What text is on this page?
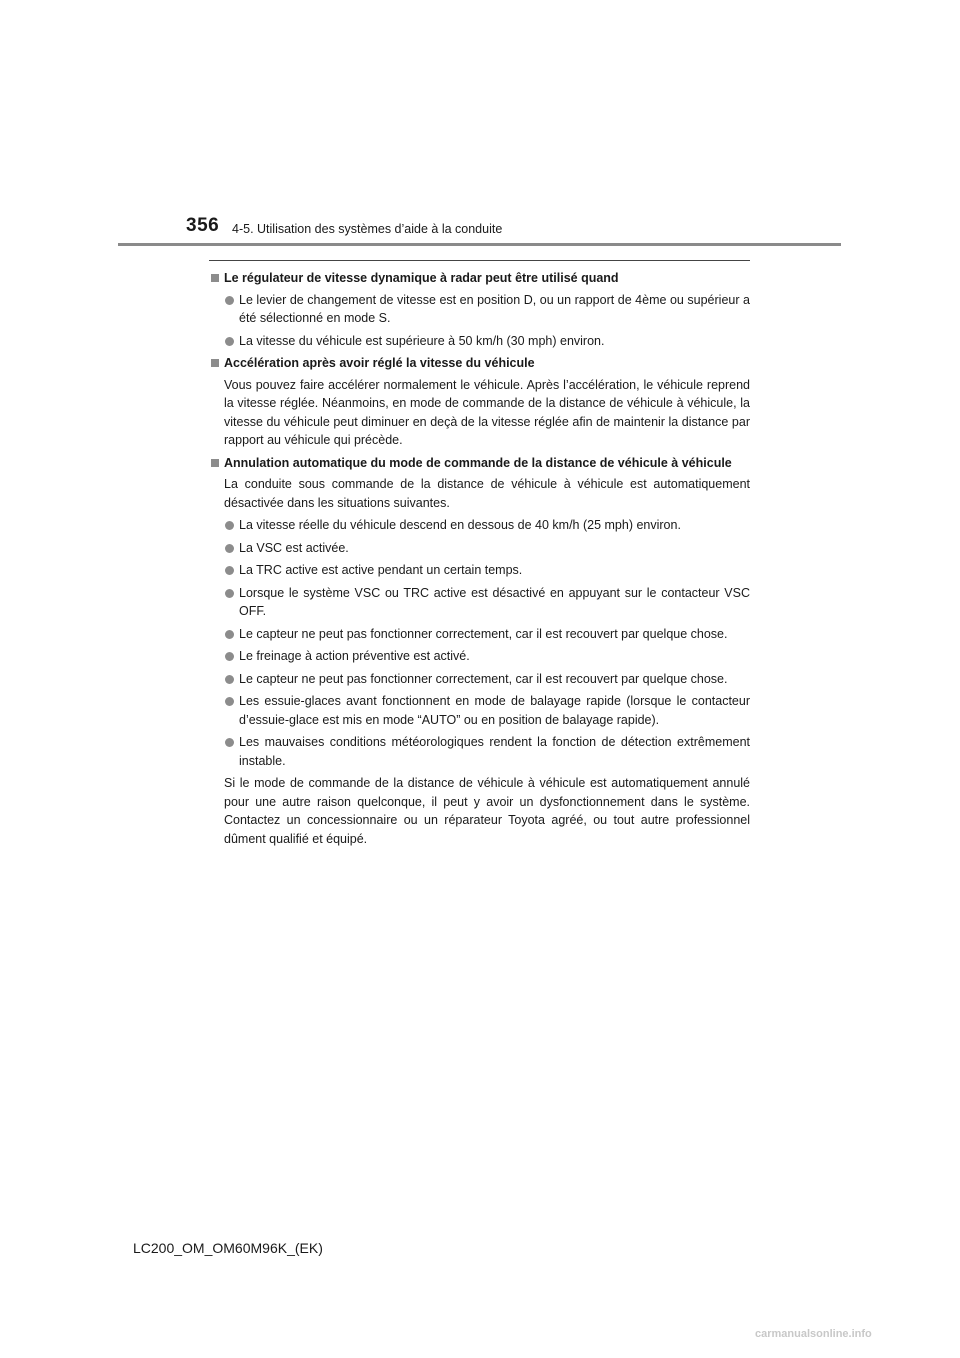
356 4-5. Utilisation des systèmes d’aide à la conduite
Le régulateur de vitesse dynamique à radar peut être utilisé quand
Le levier de changement de vitesse est en position D, ou un rapport de 4ème ou supérieur a été sélectionné en mode S.
La vitesse du véhicule est supérieure à 50 km/h (30 mph) environ.
Accélération après avoir réglé la vitesse du véhicule
Vous pouvez faire accélérer normalement le véhicule. Après l’accélération, le véhicule reprend la vitesse réglée. Néanmoins, en mode de commande de la distance de véhicule à véhicule, la vitesse du véhicule peut diminuer en deçà de la vitesse réglée afin de maintenir la distance par rapport au véhicule qui précède.
Annulation automatique du mode de commande de la distance de véhicule à véhicule
La conduite sous commande de la distance de véhicule à véhicule est automatiquement désactivée dans les situations suivantes.
La vitesse réelle du véhicule descend en dessous de 40 km/h (25 mph) environ.
La VSC est activée.
La TRC active est active pendant un certain temps.
Lorsque le système VSC ou TRC active est désactivé en appuyant sur le contacteur VSC OFF.
Le capteur ne peut pas fonctionner correctement, car il est recouvert par quelque chose.
Le freinage à action préventive est activé.
Le capteur ne peut pas fonctionner correctement, car il est recouvert par quelque chose.
Les essuie-glaces avant fonctionnent en mode de balayage rapide (lorsque le contacteur d’essuie-glace est mis en mode “AUTO” ou en position de balayage rapide).
Les mauvaises conditions météorologiques rendent la fonction de détection extrêmement instable.
Si le mode de commande de la distance de véhicule à véhicule est automatiquement annulé pour une autre raison quelconque, il peut y avoir un dysfonctionnement dans le système. Contactez un concessionnaire ou un réparateur Toyota agréé, ou tout autre professionnel dûment qualifié et équipé.
LC200_OM_OM60M96K_(EK)
carmanualsonline.info
